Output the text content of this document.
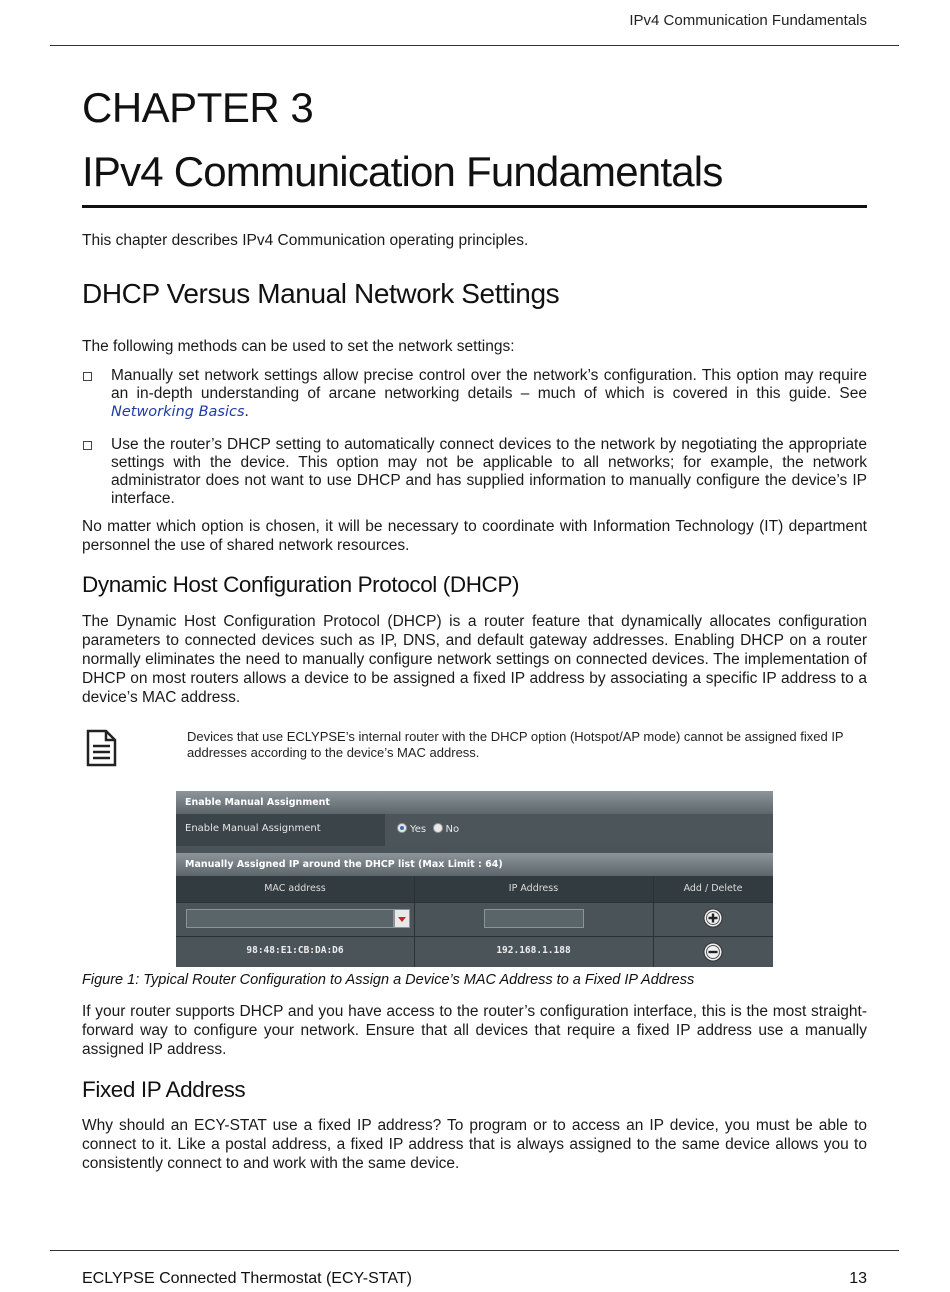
IPv4 Communication Fundamentals
CHAPTER 3
IPv4 Communication Fundamentals
This chapter describes IPv4 Communication operating principles.
DHCP Versus Manual Network Settings
The following methods can be used to set the network settings:
Manually set network settings allow precise control over the network’s configuration. This option may require an in-depth understanding of arcane networking details – much of which is covered in this guide. See Networking Basics.
Use the router’s DHCP setting to automatically connect devices to the network by negotiating the appropriate settings with the device. This option may not be applicable to all networks; for example, the network administrator does not want to use DHCP and has supplied information to manually configure the device’s IP interface.
No matter which option is chosen, it will be necessary to coordinate with Information Technology (IT) department personnel the use of shared network resources.
Dynamic Host Configuration Protocol (DHCP)
The Dynamic Host Configuration Protocol (DHCP) is a router feature that dynamically allocates configuration parameters to connected devices such as IP, DNS, and default gateway addresses. Enabling DHCP on a router normally eliminates the need to manually configure network settings on connected devices. The implementation of DHCP on most routers allows a device to be assigned a fixed IP address by associating a specific IP address to a device’s MAC address.
Devices that use ECLYPSE’s internal router with the DHCP option (Hotspot/AP mode) cannot be assigned fixed IP addresses according to the device’s MAC address.
Enable Manual Assignment
Enable Manual Assignment	Yes No
Manually Assigned IP around the DHCP list (Max Limit : 64)
MAC address	IP Address	Add / Delete
98:48:E1:CB:DA:D6	192.168.1.188
Figure 1: Typical Router Configuration to Assign a Device’s MAC Address to a Fixed IP Address
If your router supports DHCP and you have access to the router’s configuration interface, this is the most straight-forward way to configure your network. Ensure that all devices that require a fixed IP address use a manually assigned IP address.
Fixed IP Address
Why should an ECY-STAT use a fixed IP address? To program or to access an IP device, you must be able to connect to it. Like a postal address, a fixed IP address that is always assigned to the same device allows you to consistently connect to and work with the same device.
ECLYPSE Connected Thermostat (ECY-STAT)	13
